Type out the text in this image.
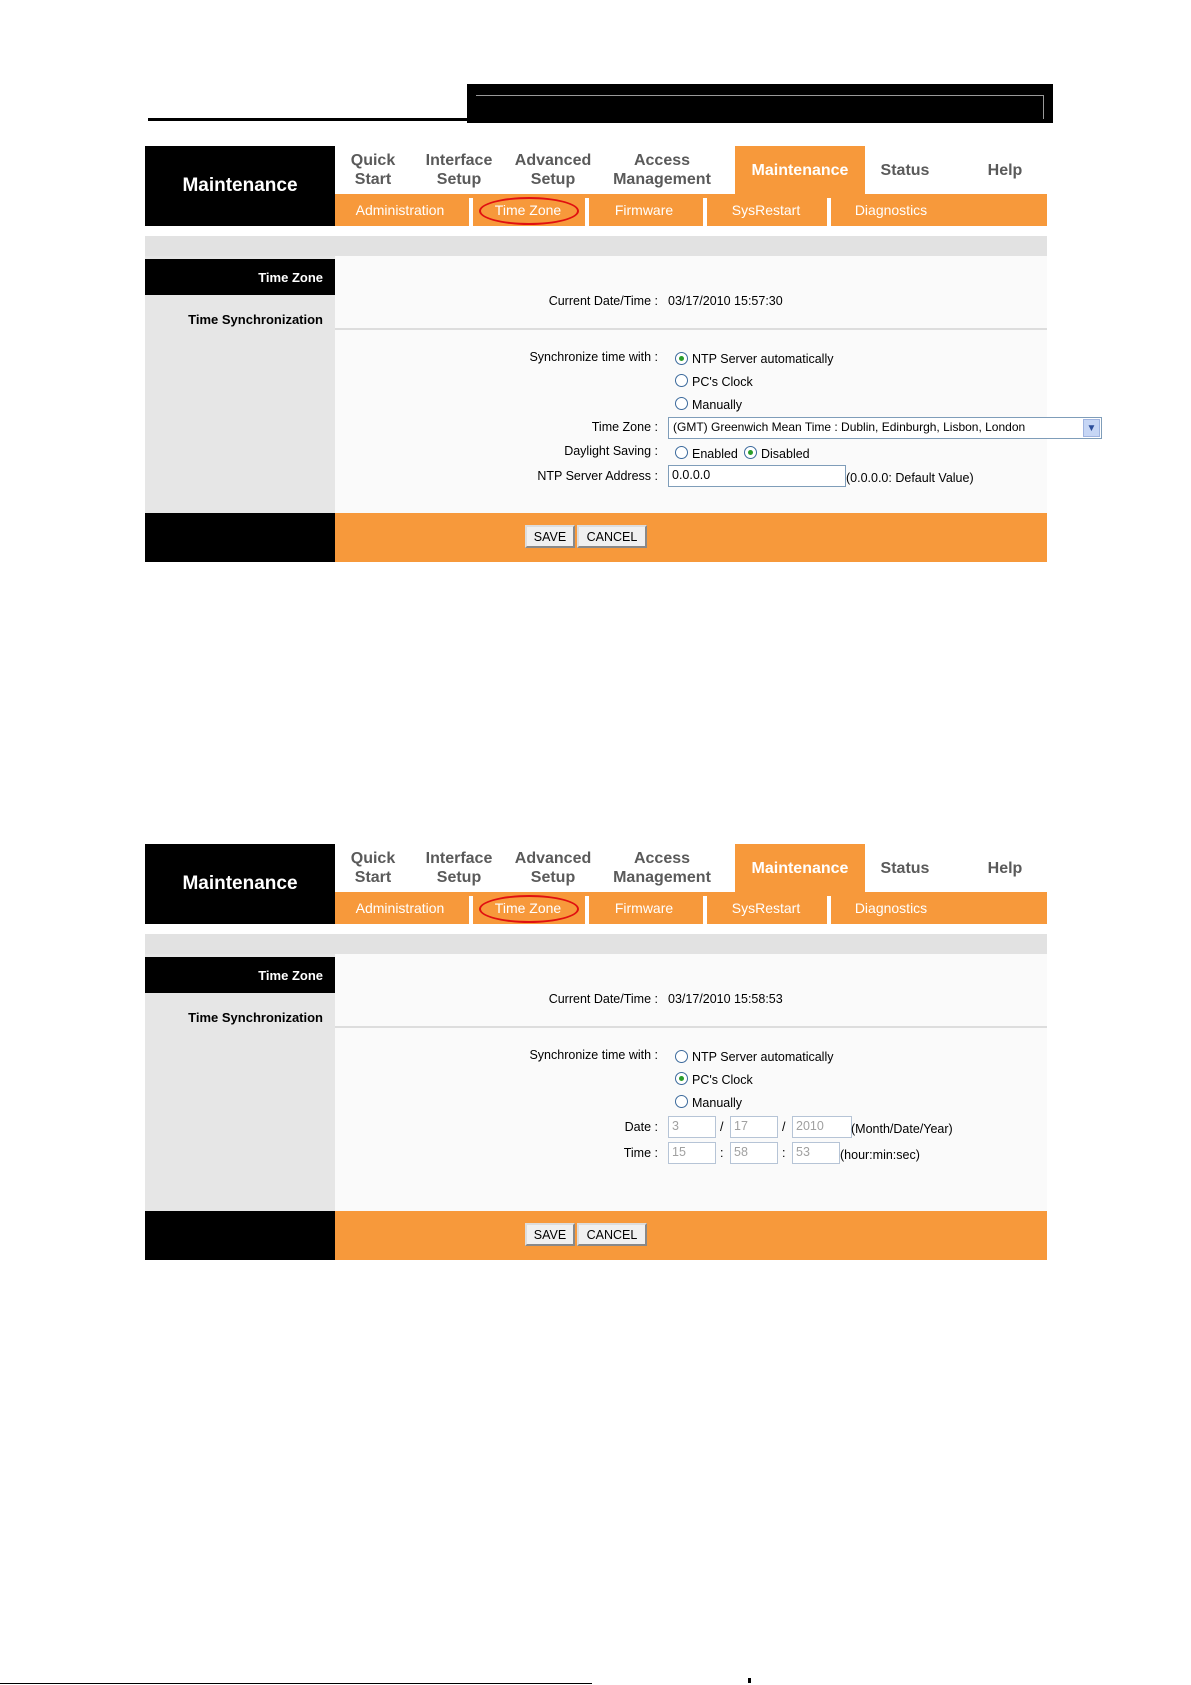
Maintenance
Quick
Start
Interface
Setup
Advanced
Setup
Access
Management
Maintenance	Status	Help
Administration	Time Zone	Firmware	SysRestart	Diagnostics
Time Zone
Time Synchronization
Current Date/Time : 03/17/2010 15:57:30
Synchronize time with :	NTP Server automatically
PC's Clock
Manually
Time Zone :	(GMT) Greenwich Mean Time : Dublin, Edinburgh, Lisbon, London	▼
Daylight Saving :	Enabled Disabled
NTP Server Address :	0.0.0.0	(0.0.0.0: Default Value)
SAVE	CANCEL
Maintenance
Quick
Start
Interface
Setup
Advanced
Setup
Access
Management
Maintenance	Status	Help
Administration	Time Zone	Firmware	SysRestart	Diagnostics
Time Zone
Time Synchronization
Current Date/Time : 03/17/2010 15:58:53
Synchronize time with :	NTP Server automatically
PC's Clock
Manually
Date :	3	/ 17	/ 2010	(Month/Date/Year)
Time :	15	: 58	: 53	(hour:min:sec)
SAVE	CANCEL
